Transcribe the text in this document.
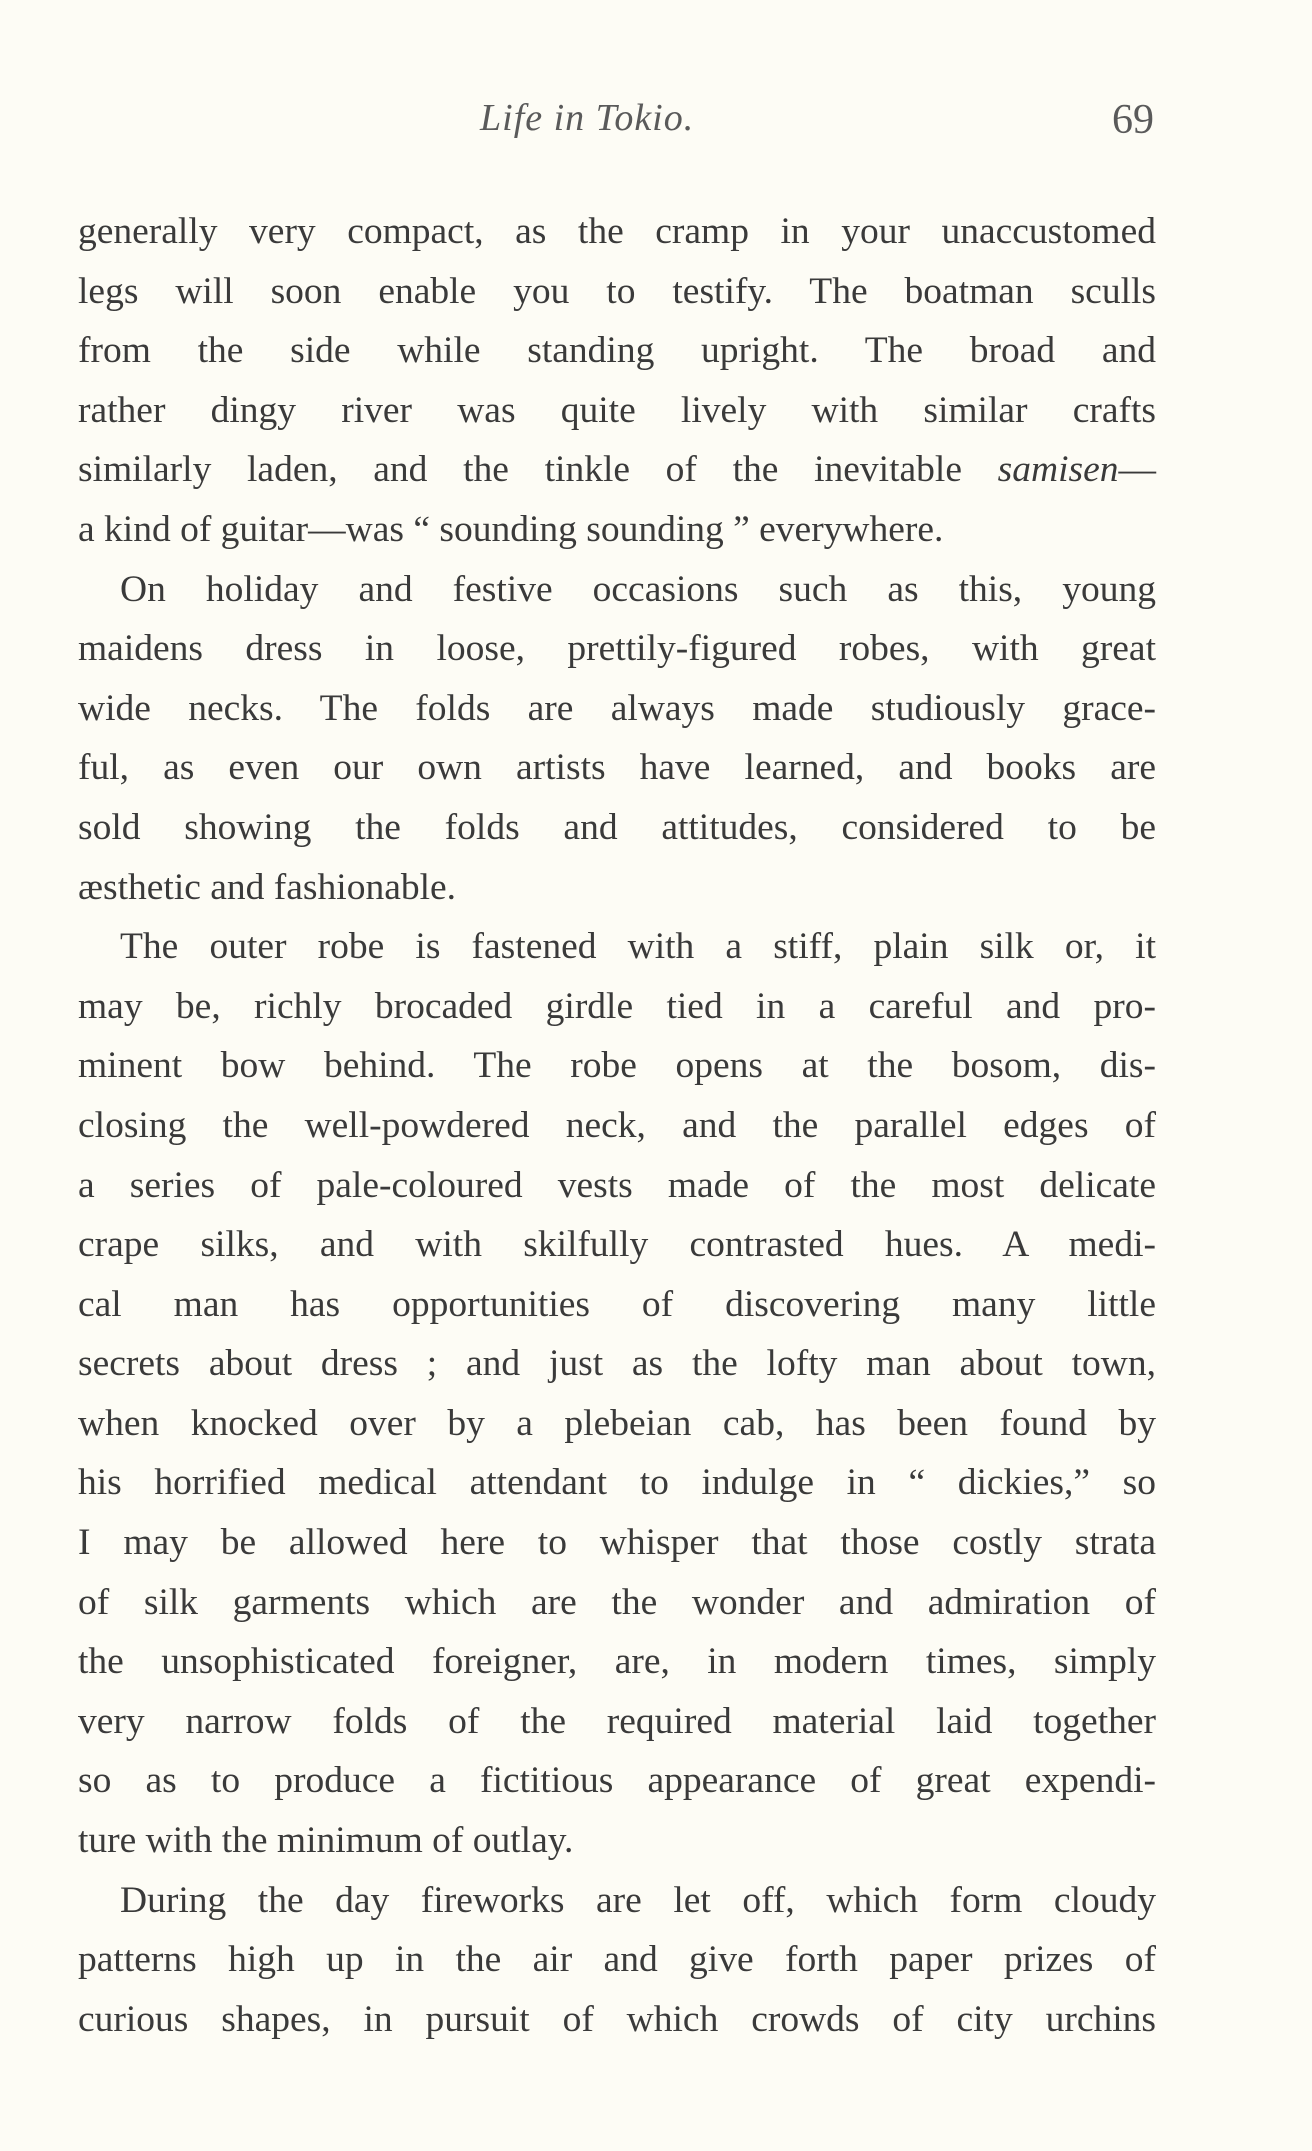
Life in Tokio.	69
generally very compact, as the cramp in your unaccustomed
legs will soon enable you to testify. The boatman sculls
from the side while standing upright. The broad and
rather dingy river was quite lively with similar crafts
similarly laden, and the tinkle of the inevitable samisen—
a kind of guitar—was “ sounding sounding ” everywhere.
On holiday and festive occasions such as this, young
maidens dress in loose, prettily-figured robes, with great
wide necks. The folds are always made studiously grace-
ful, as even our own artists have learned, and books are
sold showing the folds and attitudes, considered to be
æsthetic and fashionable.
The outer robe is fastened with a stiff, plain silk or, it
may be, richly brocaded girdle tied in a careful and pro-
minent bow behind. The robe opens at the bosom, dis-
closing the well-powdered neck, and the parallel edges of
a series of pale-coloured vests made of the most delicate
crape silks, and with skilfully contrasted hues. A medi-
cal man has opportunities of discovering many little
secrets about dress ; and just as the lofty man about town,
when knocked over by a plebeian cab, has been found by
his horrified medical attendant to indulge in “ dickies,” so
I may be allowed here to whisper that those costly strata
of silk garments which are the wonder and admiration of
the unsophisticated foreigner, are, in modern times, simply
very narrow folds of the required material laid together
so as to produce a fictitious appearance of great expendi-
ture with the minimum of outlay.
During the day fireworks are let off, which form cloudy
patterns high up in the air and give forth paper prizes of
curious shapes, in pursuit of which crowds of city urchins
